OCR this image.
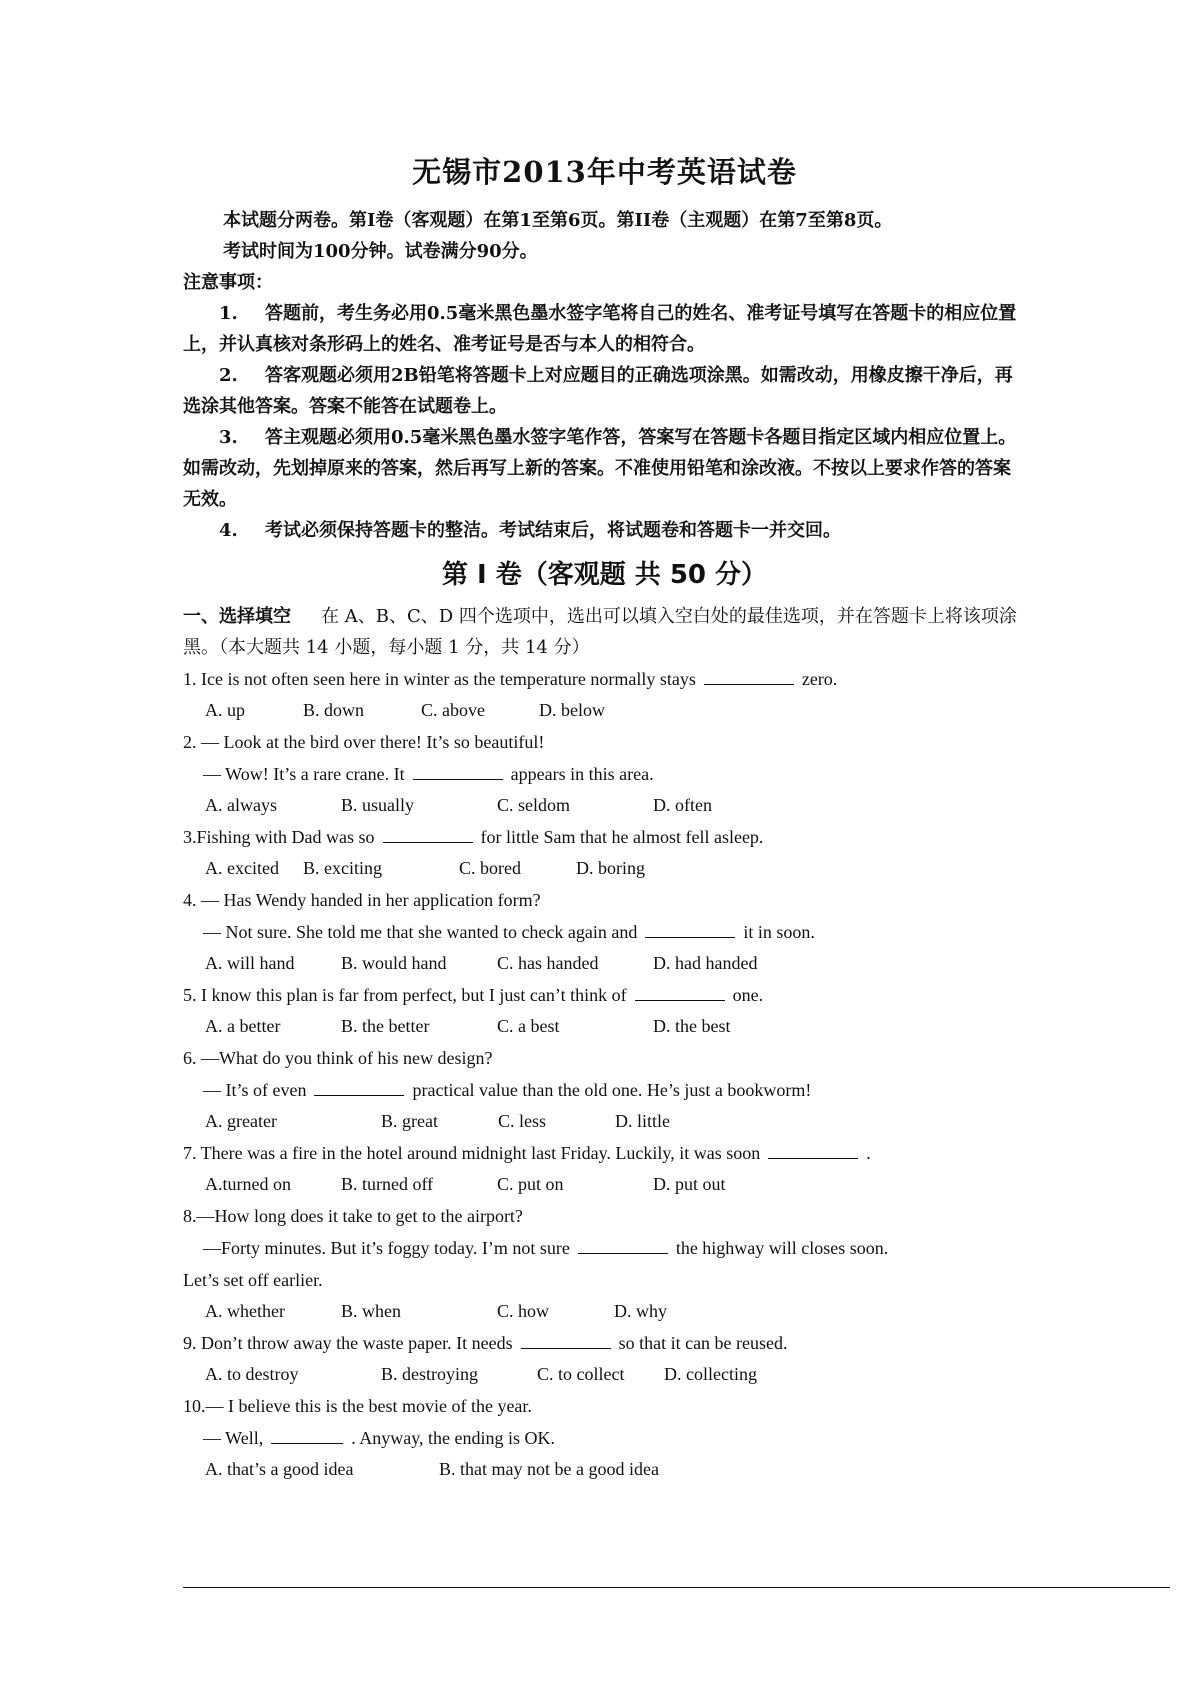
无锡市2013年中考英语试卷

本试题分两卷。第I卷（客观题）在第1至第6页。第II卷（主观题）在第7至第8页。

考试时间为100分钟。试卷满分90分。

注意事项：

1. 答题前，考生务必用0.5毫米黑色墨水签字笔将自己的姓名、准考证号填写在答题卡的相应位置上，并认真核对条形码上的姓名、准考证号是否与本人的相符合。

2. 答客观题必须用2B铅笔将答题卡上对应题目的正确选项涂黑。如需改动，用橡皮擦干净后，再选涂其他答案。答案不能答在试题卷上。

3. 答主观题必须用0.5毫米黑色墨水签字笔作答，答案写在答题卡各题目指定区域内相应位置上。如需改动，先划掉原来的答案，然后再写上新的答案。不准使用铅笔和涂改液。不按以上要求作答的答案无效。

4. 考试必须保持答题卡的整洁。考试结束后，将试题卷和答题卡一并交回。

第 I 卷（客观题 共 50 分）

一、选择填空 在 A、B、C、D 四个选项中，选出可以填入空白处的最佳选项，并在答题卡上将该项涂黑。（本大题共 14 小题，每小题 1 分，共 14 分）

1. Ice is not often seen here in winter as the temperature normally stays	zero.

A. up	B. down	C. above	D. below

2. — Look at the bird over there! It’s so beautiful!

— Wow! It’s a rare crane. It	appears in this area.

A. always	B. usually	C. seldom	D. often

3.Fishing with Dad was so	for little Sam that he almost fell asleep.

A. excited B. exciting	C. bored	D. boring

4. — Has Wendy handed in her application form?

— Not sure. She told me that she wanted to check again and	it in soon.

A. will hand	B. would hand	C. has handed	D. had handed

5. I know this plan is far from perfect, but I just can’t think of	one.

A. a better	B. the better	C. a best	D. the best

6. —What do you think of his new design?

— It’s of even	practical value than the old one. He’s just a bookworm!

A. greater	B. great	C. less	D. little

7. There was a fire in the hotel around midnight last Friday. Luckily, it was soon	.

A.turned on	B. turned off	C. put on	D. put out

8.—How long does it take to get to the airport?

—Forty minutes. But it’s foggy today. I’m not sure	the highway will closes soon.

Let’s set off earlier.

A. whether	B. when	C. how	D. why

9. Don’t throw away the waste paper. It needs	so that it can be reused.

A. to destroy	B. destroying	C. to collect D. collecting

10.— I believe this is the best movie of the year.

— Well,	. Anyway, the ending is OK.

A. that’s a good idea	B. that may not be a good idea
